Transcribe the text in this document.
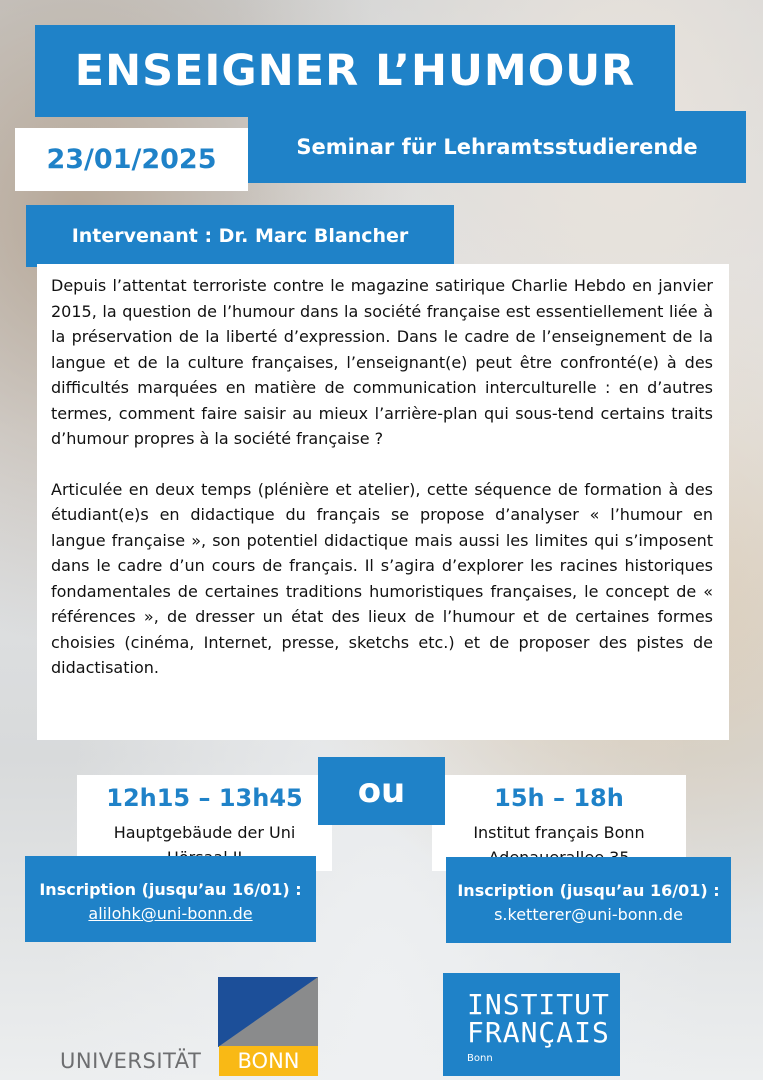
ENSEIGNER L’HUMOUR
Seminar für Lehramtsstudierende
23/01/2025
Intervenant : Dr. Marc Blancher

Depuis l’attentat terroriste contre le magazine satirique Charlie Hebdo en janvier 2015, la question de l’humour dans la société française est essentiellement liée à la préservation de la liberté d’expression. Dans le cadre de l’enseignement de la langue et de la culture françaises, l’enseignant(e) peut être confronté(e) à des difficultés marquées en matière de communication interculturelle : en d’autres termes, comment faire saisir au mieux l’arrière-plan qui sous-tend certains traits d’humour propres à la société française ?

Articulée en deux temps (plénière et atelier), cette séquence de formation à des étudiant(e)s en didactique du français se propose d’analyser « l’humour en langue française », son potentiel didactique mais aussi les limites qui s’imposent dans le cadre d’un cours de français. Il s’agira d’explorer les racines historiques fondamentales de certaines traditions humoristiques françaises, le concept de « références », de dresser un état des lieux de l’humour et de certaines formes choisies (cinéma, Internet, presse, sketchs etc.) et de proposer des pistes de didactisation.

12h15 – 13h45
Hauptgebäude der Uni
15h – 18h
Institut français Bonn
ou
Inscription (jusqu’au 16/01) :
alilohk@uni-bonn.de
Inscription (jusqu’au 16/01) :
s.ketterer@uni-bonn.de
UNIVERSITÄT	BONN
INSTITUT
FRANÇAIS
Bonn
